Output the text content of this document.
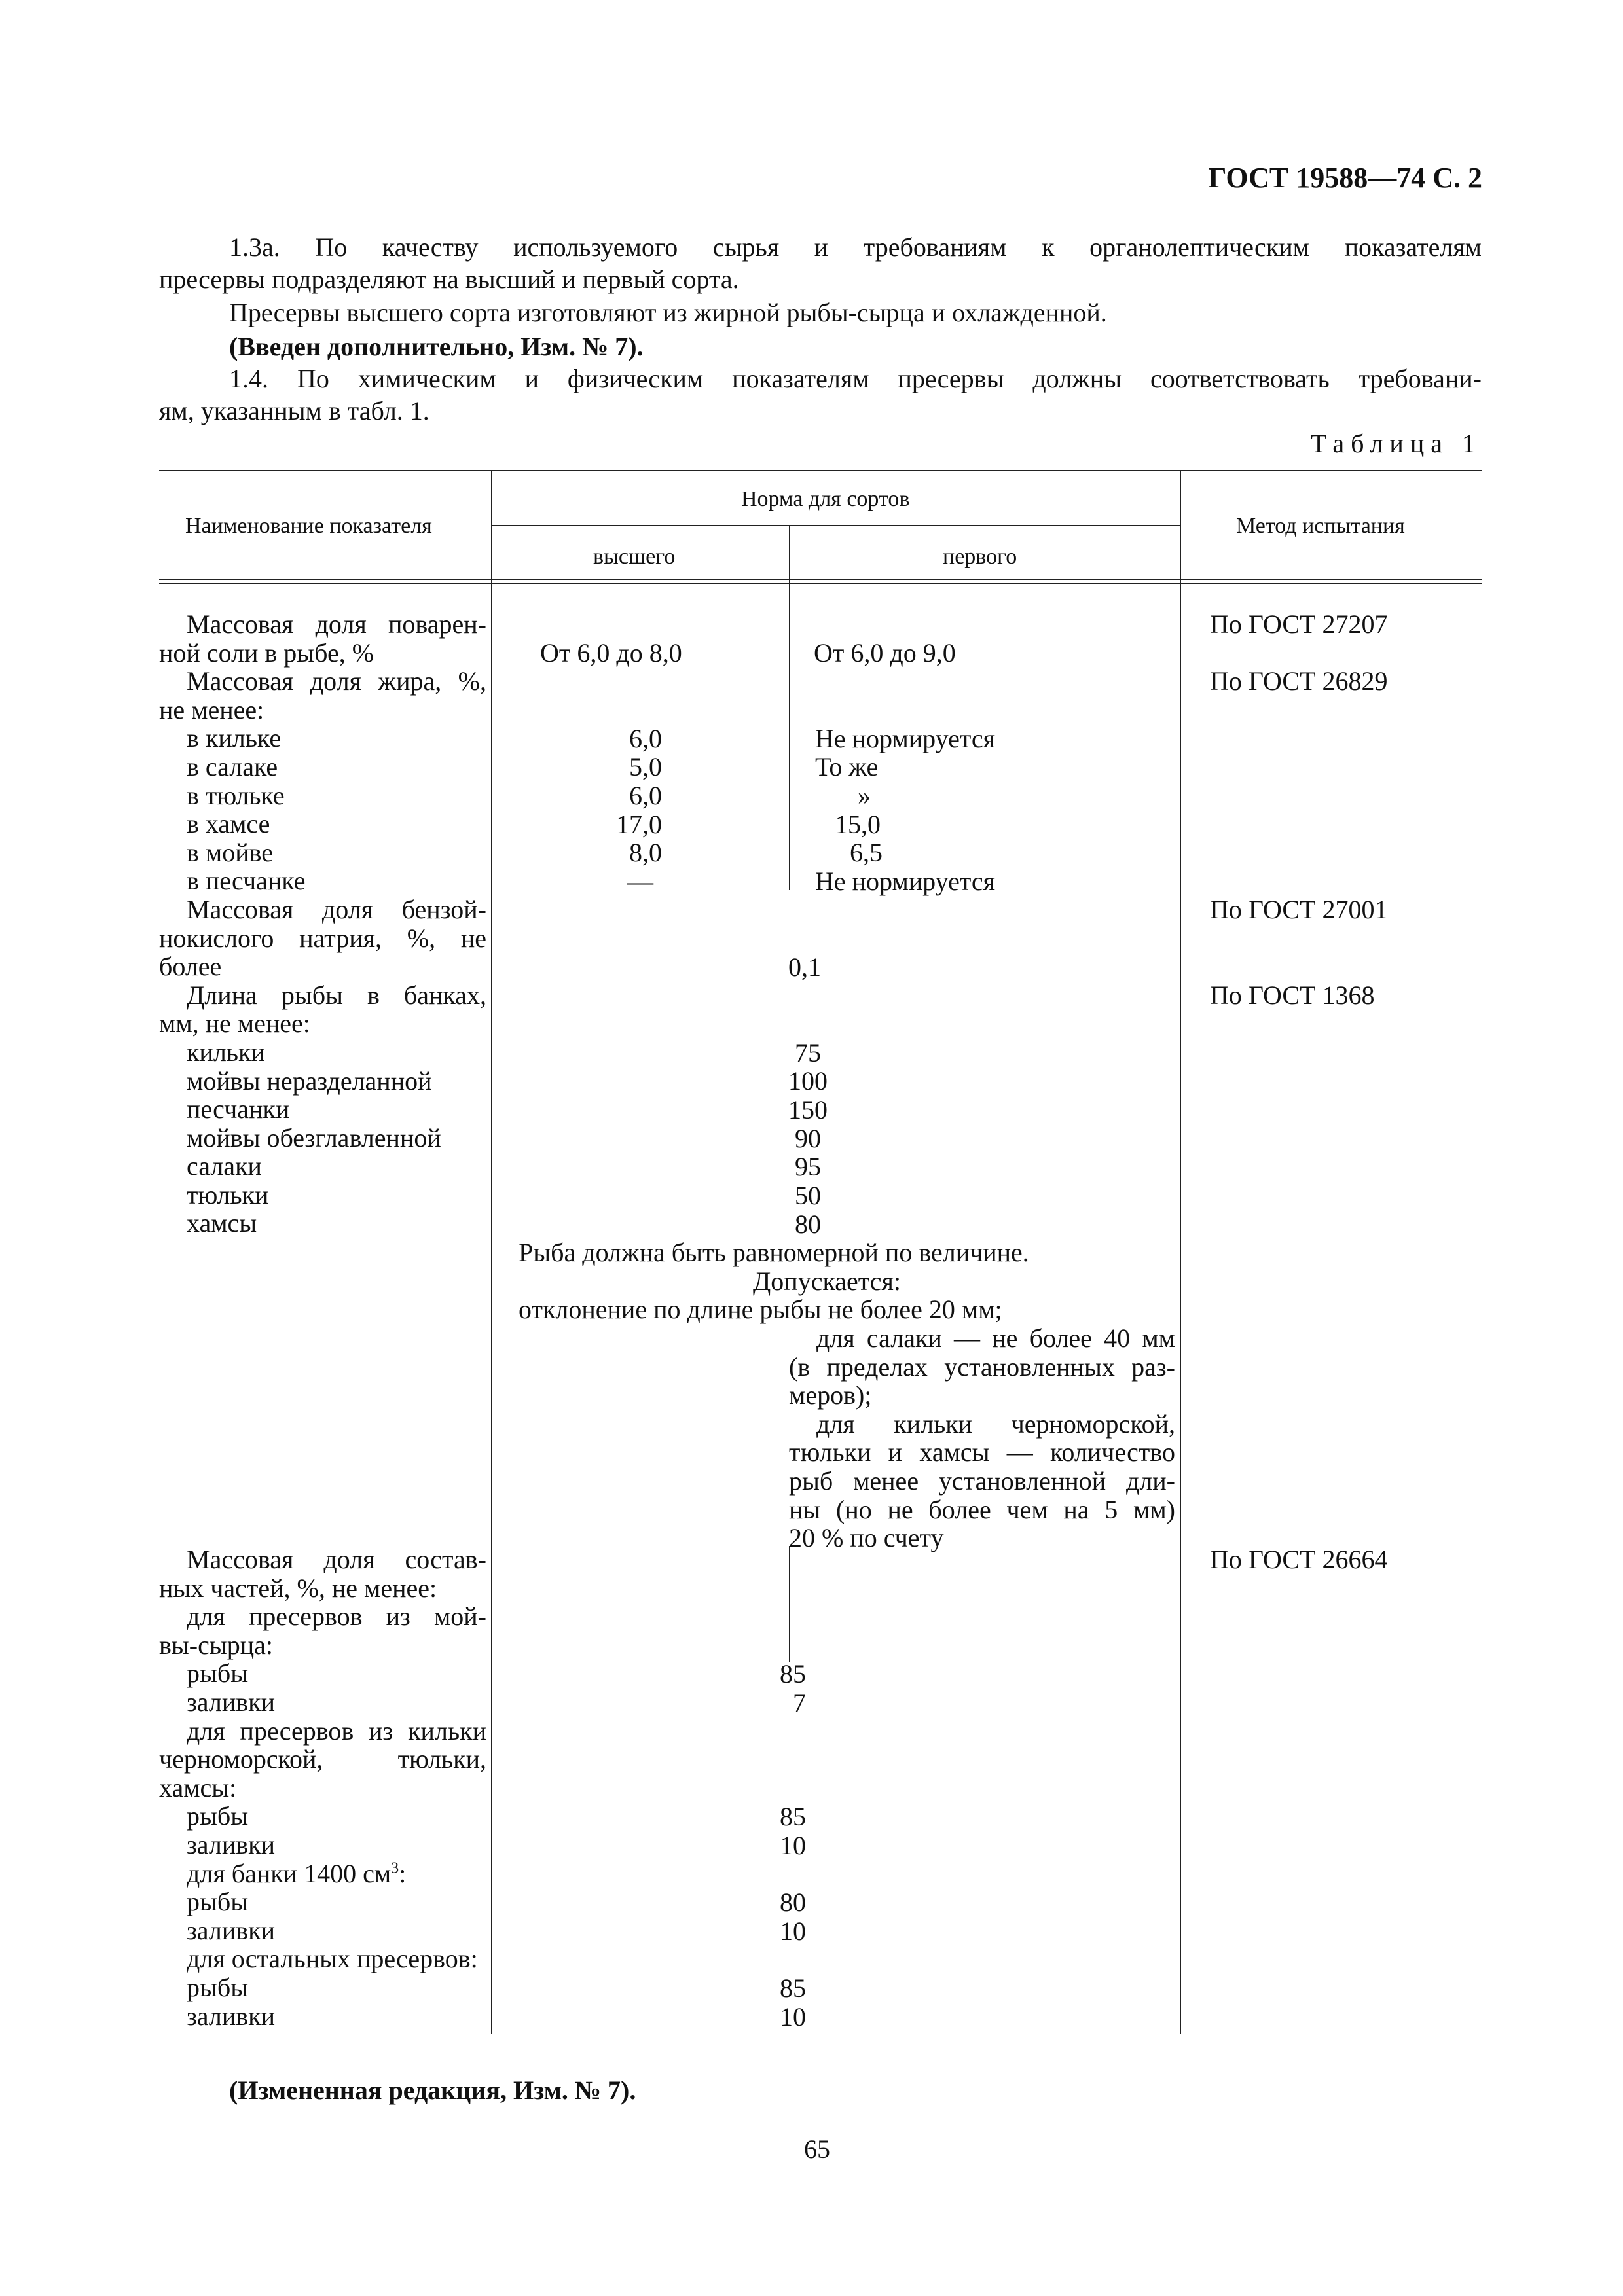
ГОСТ 19588—74 С. 2
1.3а. По качеству используемого сырья и требованиям к органолептическим показателям
пресервы подразделяют на высший и первый сорта.
Пресервы высшего сорта изготовляют из жирной рыбы-сырца и охлажденной.
(Введен дополнительно, Изм. № 7).
1.4. По химическим и физическим показателям пресервы должны соответствовать требовани-
ям, указанным в табл. 1.
Таблица 1
Наименование показателя
Норма для сортов
высшего	первого
Метод испытания
Массовая доля поварен-
ной соли в рыбе, %
Массовая доля жира, %,
не менее:
в кильке
в салаке
в тюльке
в хамсе
в мойве
в песчанке
Массовая доля бензой-
нокислого натрия, %, не
более
Длина рыбы в банках,
мм, не менее:
кильки
мойвы неразделанной
песчанки
мойвы обезглавленной
салаки
тюльки
хамсы
Массовая доля состав-
ных частей, %, не менее:
для пресервов из мой-
вы-сырца:
рыбы
заливки
для пресервов из кильки
черноморской, тюльки,
хамсы:
рыбы
заливки
для банки 1400 $см^3$:
рыбы
заливки
для остальных пресервов:
рыбы
заливки
От 6,0 до 8,0
6,0
5,0
6,0
17,0
8,0
—
От 6,0 до 9,0
Не нормируется
То же
»
15,0
6,5
Не нормируется
0,1
75
100
150
90
95
50
80
Рыба должна быть равномерной по величине.
Допускается:
отклонение по длине рыбы не более 20 мм;
для салаки — не более 40 мм
(в пределах установленных раз-
меров);
для кильки черноморской,
тюльки и хамсы — количество
рыб менее установленной дли-
ны (но не более чем на 5 мм)
20 % по счету
85
7
85
10
80
10
85
10
По ГОСТ 27207
По ГОСТ 26829
По ГОСТ 27001
По ГОСТ 1368
По ГОСТ 26664
(Измененная редакция, Изм. № 7).
65
